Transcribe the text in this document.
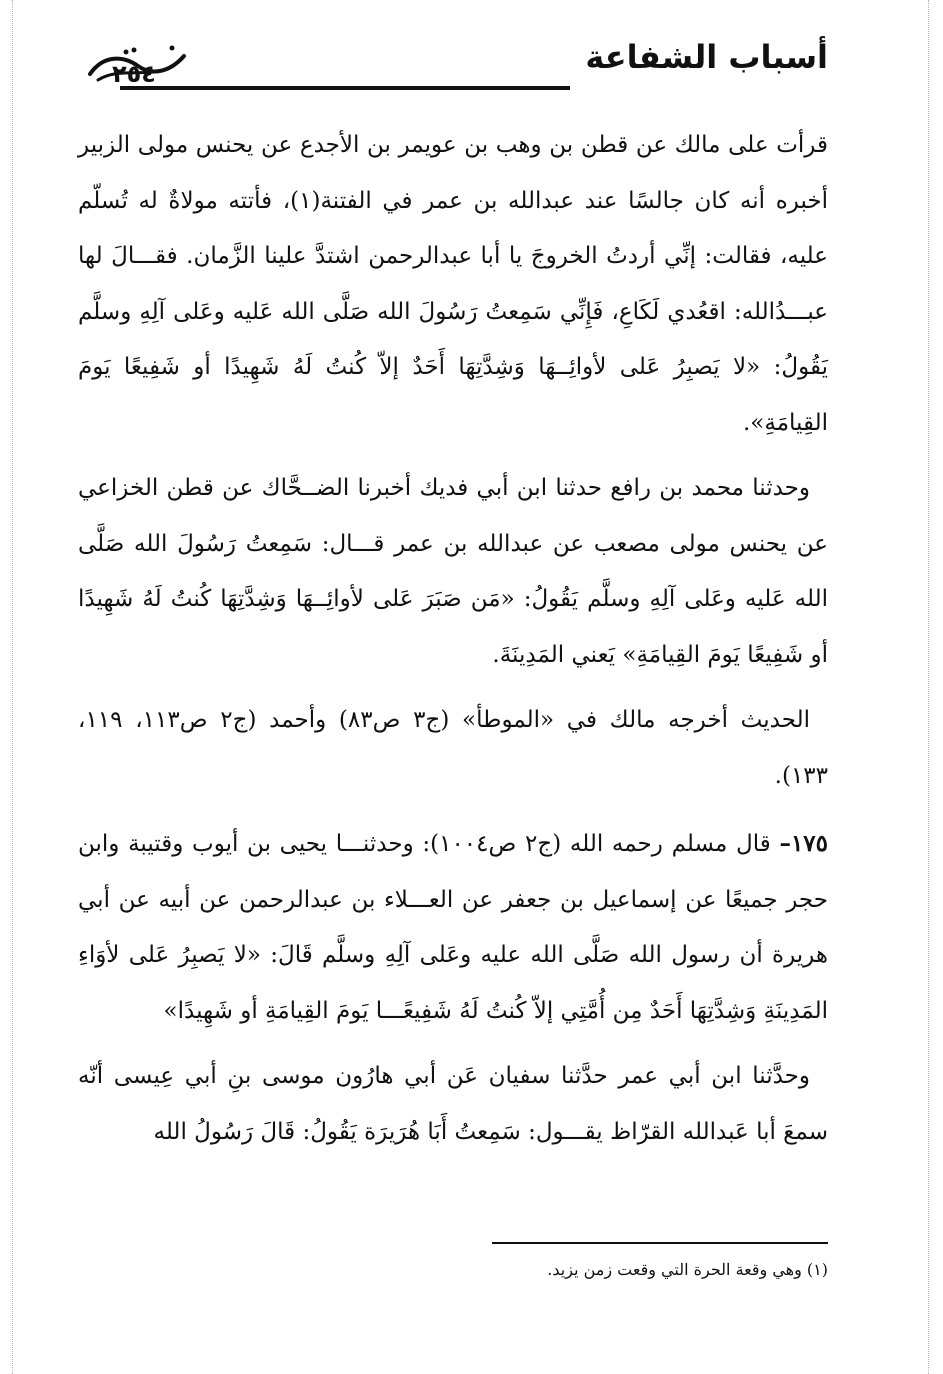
أسباب الشفاعة
٢٥٤

قرأت على مالك عن قطن بن وهب بن عويمر بن الأجدع عن يحنس مولى الزبير أخبره أنه كان جالسًا عند عبدالله بن عمر في الفتنة(١)، فأتته مولاةٌ له تُسلّم عليه، فقالت: إنِّي أردتُ الخروجَ يا أبا عبدالرحمن اشتدَّ علينا الزَّمان. فقـــالَ لها عبـــدُالله: اقعُدي لَكَاعِ، فَإِنِّي سَمِعتُ رَسُولَ الله صَلَّى الله عَليه وعَلى آلِهِ وسلَّم يَقُولُ: «لا يَصبِرُ عَلى لأوائِــهَا وَشِدَّتِهَا أَحَدٌ إلاّ كُنتُ لَهُ شَهِيدًا أو شَفِيعًا يَومَ القِيامَةِ».

وحدثنا محمد بن رافع حدثنا ابن أبي فديك أخبرنا الضــحَّاك عن قطن الخزاعي عن يحنس مولى مصعب عن عبدالله بن عمر قـــال: سَمِعتُ رَسُولَ الله صَلَّى الله عَليه وعَلى آلِهِ وسلَّم يَقُولُ: «مَن صَبَرَ عَلى لأوائِــهَا وَشِدَّتِهَا كُنتُ لَهُ شَهِيدًا أو شَفِيعًا يَومَ القِيامَةِ» يَعني المَدِينَةَ.

الحديث أخرجه مالك في «الموطأ» (ج٣ ص٨٣) وأحمد (ج٢ ص١١٣، ١١٩، ١٣٣).

١٧٥– قال مسلم رحمه الله (ج٢ ص١٠٠٤): وحدثنـــا يحيى بن أيوب وقتيبة وابن حجر جميعًا عن إسماعيل بن جعفر عن العـــلاء بن عبدالرحمن عن أبيه عن أبي هريرة أن رسول الله صَلَّى الله عليه وعَلى آلِهِ وسلَّم قَالَ: «لا يَصبِرُ عَلى لأوَاءِ المَدِينَةِ وَشِدَّتِهَا أَحَدٌ مِن أُمَّتِي إلاّ كُنتُ لَهُ شَفِيعًـــا يَومَ القِيامَةِ أو شَهِيدًا»

وحدَّثنا ابن أبي عمر حدَّثنا سفيان عَن أبي هارُون موسى بنِ أبي عِيسى أنّه سمعَ أبا عَبدالله القرّاظ يقـــول: سَمِعتُ أَبَا هُرَيرَة يَقُولُ: قَالَ رَسُولُ الله

(١) وهي وقعة الحرة التي وقعت زمن يزيد.
